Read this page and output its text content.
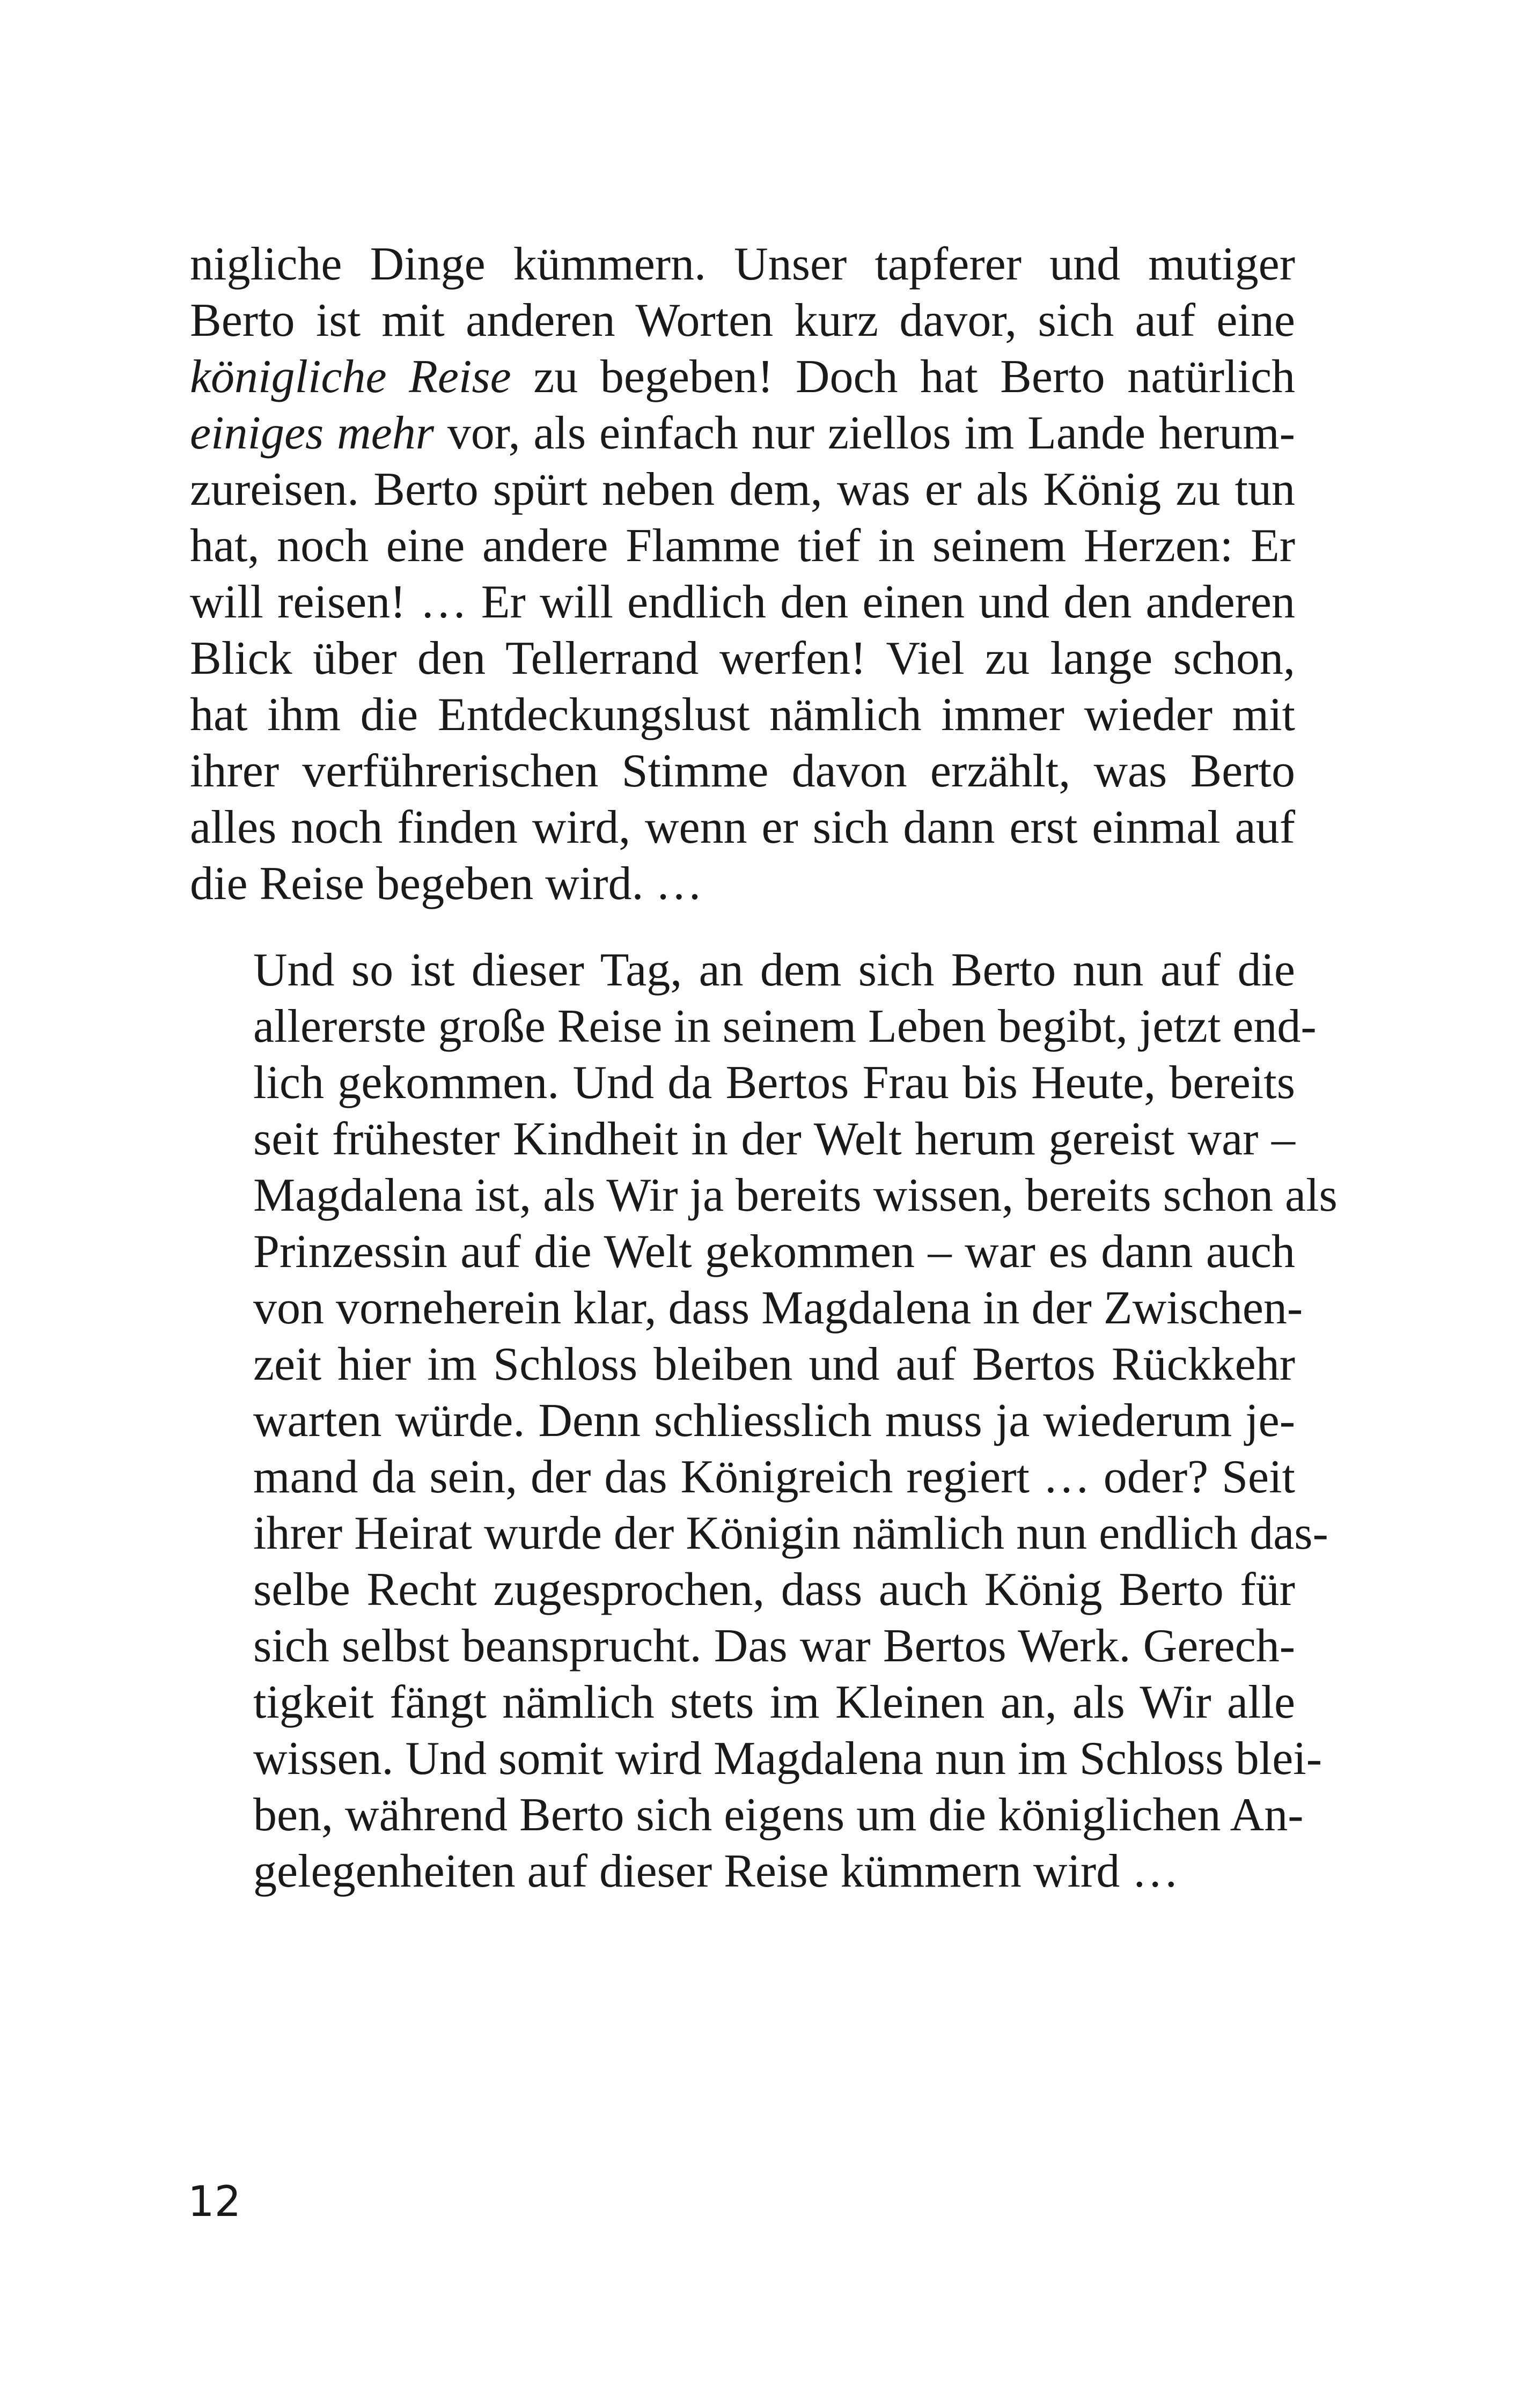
nigliche Dinge kümmern. Unser tapferer und mutiger
Berto ist mit anderen Worten kurz davor, sich auf eine
königliche Reise zu begeben! Doch hat Berto natürlich
einiges mehr vor, als einfach nur ziellos im Lande herum-
zureisen. Berto spürt neben dem, was er als König zu tun
hat, noch eine andere Flamme tief in seinem Herzen: Er
will reisen! … Er will endlich den einen und den anderen
Blick über den Tellerrand werfen! Viel zu lange schon,
hat ihm die Entdeckungslust nämlich immer wieder mit
ihrer verführerischen Stimme davon erzählt, was Berto
alles noch finden wird, wenn er sich dann erst einmal auf
die Reise begeben wird. …

Und so ist dieser Tag, an dem sich Berto nun auf die
allererste große Reise in seinem Leben begibt, jetzt end-
lich gekommen. Und da Bertos Frau bis Heute, bereits
seit frühester Kindheit in der Welt herum gereist war –
Magdalena ist, als Wir ja bereits wissen, bereits schon als
Prinzessin auf die Welt gekommen – war es dann auch
von vorneherein klar, dass Magdalena in der Zwischen-
zeit hier im Schloss bleiben und auf Bertos Rückkehr
warten würde. Denn schliesslich muss ja wiederum je-
mand da sein, der das Königreich regiert … oder? Seit
ihrer Heirat wurde der Königin nämlich nun endlich das-
selbe Recht zugesprochen, dass auch König Berto für
sich selbst beansprucht. Das war Bertos Werk. Gerech-
tigkeit fängt nämlich stets im Kleinen an, als Wir alle
wissen. Und somit wird Magdalena nun im Schloss blei-
ben, während Berto sich eigens um die königlichen An-
gelegenheiten auf dieser Reise kümmern wird …

12
